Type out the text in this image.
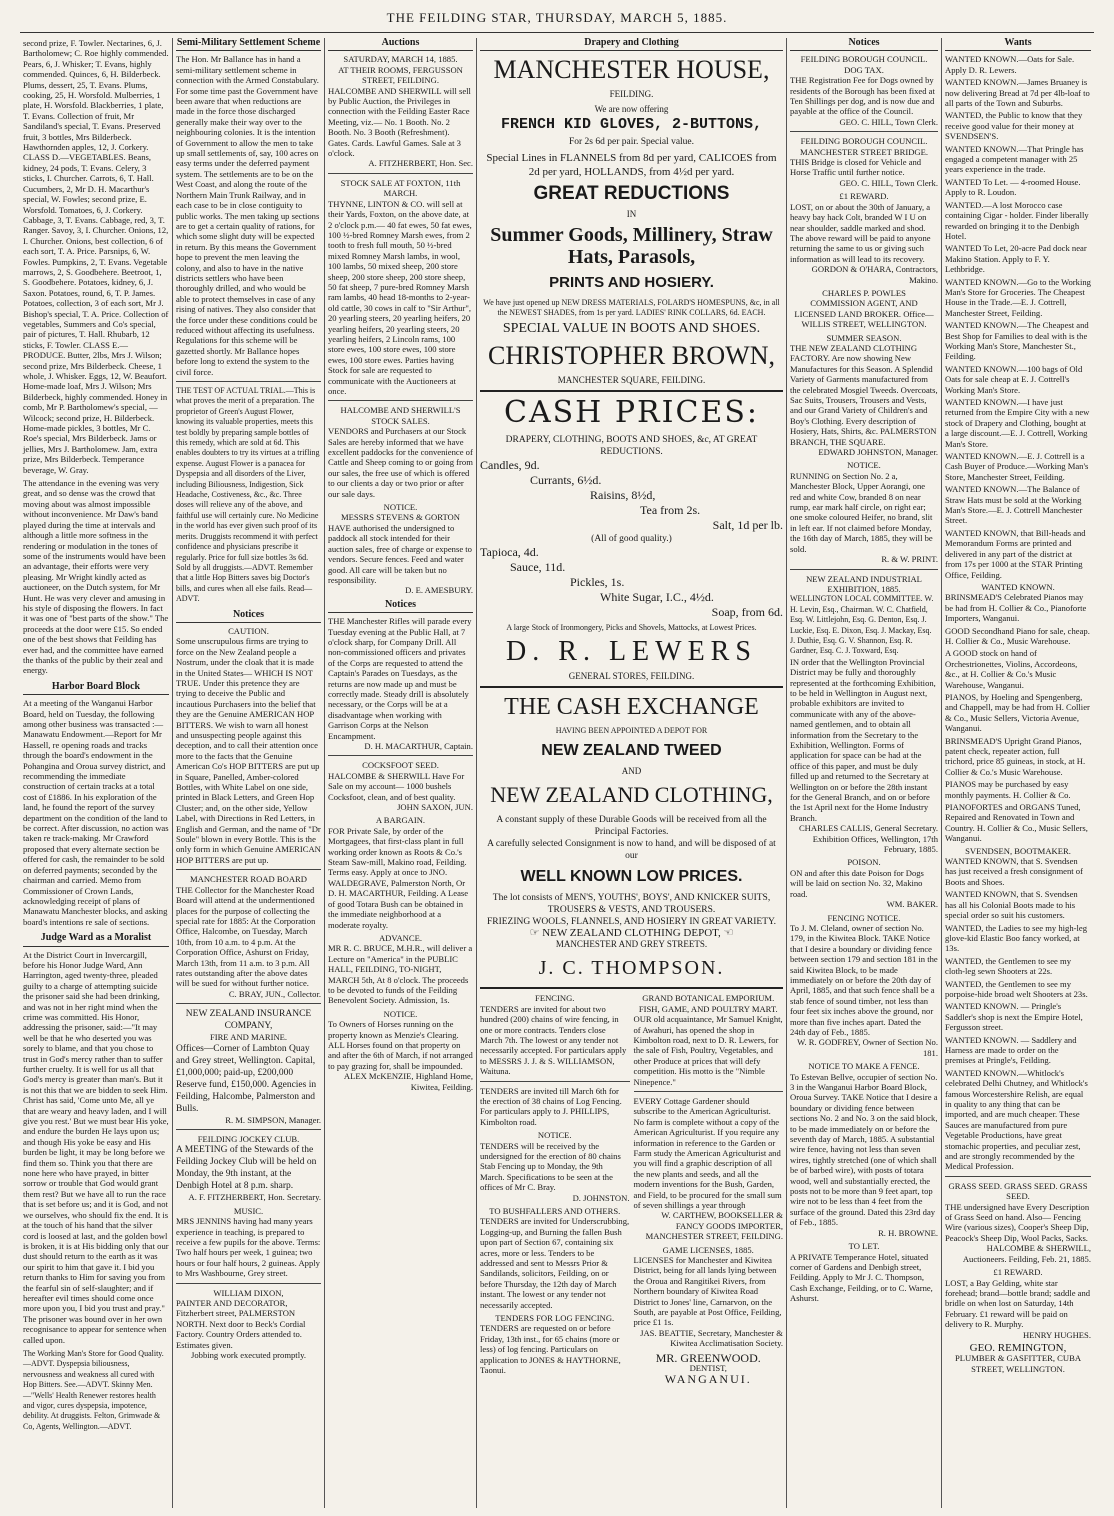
THE FEILDING STAR, THURSDAY, MARCH 5, 1885.

second prize, F. Towler. Nectarines, 6, J. Bartholomew; C. Roe highly commended. Pears, 6, J. Whisker; T. Evans, highly commended. Quinces, 6, H. Bilderbeck. Plums, dessert, 25, T. Evans. Plums, cooking, 25, H. Worsfold. Mulberries, 1 plate, H. Worsfold. Blackberries, 1 plate, T. Evans. Collection of fruit, Mr Sandiland's special, T. Evans. Preserved fruit, 3 bottles, Mrs Bilderbeck. Hawthornden apples, 12, J. Corkery. CLASS D.—VEGETABLES. Beans, kidney, 24 pods, T. Evans. Celery, 3 sticks, I. Churcher. Carrots, 6, T. Hall. Cucumbers, 2, Mr D. H. Macarthur's special, W. Fowles; second prize, E. Worsfold. Tomatoes, 6, J. Corkery. Cabbage, 3, T. Evans. Cabbage, red, 3, T. Ranger. Savoy, 3, I. Churcher. Onions, 12, I. Churcher. Onions, best collection, 6 of each sort, T. A. Price. Parsnips, 6, W. Fowles. Pumpkins, 2, T. Evans. Vegetable marrows, 2, S. Goodbehere. Beetroot, 1, S. Goodbehere. Potatoes, kidney, 6, J. Saxon. Potatoes, round, 6, T. P. James. Potatoes, collection, 3 of each sort, Mr J. Bishop's special, T. A. Price. Collection of vegetables, Summers and Co's special, pair of pictures, T. Hall. Rhubarb, 12 sticks, F. Towler. CLASS E.—PRODUCE. Butter, 2lbs, Mrs J. Wilson; second prize, Mrs Bilderbeck. Cheese, 1 whole, J. Whisker. Eggs, 12, W. Beaufort. Home-made loaf, Mrs J. Wilson; Mrs Bilderbeck, highly commended. Honey in comb, Mr P. Bartholomew's special, — Wilcock; second prize, H. Bilderbeck. Home-made pickles, 3 bottles, Mr C. Roe's special, Mrs Bilderbeck. Jams or jellies, Mrs J. Bartholomew. Jam, extra prize, Mrs Bilderbeck. Temperance beverage, W. Gray.

The attendance in the evening was very great, and so dense was the crowd that moving about was almost impossible without inconvenience. Mr Daw's band played during the time at intervals and although a little more softness in the rendering or modulation in the tones of some of the instruments would have been an advantage, their efforts were very pleasing. Mr Wright kindly acted as auctioneer, on the Dutch system, for Mr Hunt. He was very clever and amusing in his style of disposing the flowers. In fact it was one of "best parts of the show." The proceeds at the door were £15. So ended one of the best shows that Feilding has ever had, and the committee have earned the thanks of the public by their zeal and energy.

Harbor Board Block

At a meeting of the Wanganui Harbor Board, held on Tuesday, the following among other business was transacted :—Manawatu Endowment.—Report for Mr Hassell, re opening roads and tracks through the board's endowment in the Pohangina and Oroua survey district, and recommending the immediate construction of certain tracks at a total cost of £1886. In his exploration of the land, he found the report of the survey department on the condition of the land to be correct. After discussion, no action was taken re track-making. Mr Crawford proposed that every alternate section be offered for cash, the remainder to be sold on deferred payments; seconded by the chairman and carried. Memo from Commissioner of Crown Lands, acknowledging receipt of plans of Manawatu Manchester blocks, and asking board's intentions re sale of sections.

Judge Ward as a Moralist

At the District Court in Invercargill, before his Honor Judge Ward, Ann Harrington, aged twenty-three, pleaded guilty to a charge of attempting suicide the prisoner said she had been drinking, and was not in her right mind when the crime was committed. His Honor, addressing the prisoner, said:—"It may well be that he who deserted you was sorely to blame, and that you chose to trust in God's mercy rather than to suffer further cruelty. It is well for us all that God's mercy is greater than man's. But it is not this that we are bidden to seek Him. Christ has said, 'Come unto Me, all ye that are weary and heavy laden, and I will give you rest.' But we must bear His yoke, and endure the burden He lays upon us; and though His yoke be easy and His burden be light, it may be long before we find them so. Think you that there are none here who have prayed, in bitter sorrow or trouble that God would grant them rest? But we have all to run the race that is set before us; and it is God, and not we ourselves, who should fix the end. It is at the touch of his hand that the silver cord is loosed at last, and the golden bowl is broken, it is at His bidding only that our dust should return to the earth as it was our spirit to him that gave it. I bid you return thanks to Him for saving you from the fearful sin of self-slaughter; and if hereafter evil times should come once more upon you, I bid you trust and pray." The prisoner was bound over in her own recognisance to appear for sentence when called upon.

The Working Man's Store for Good Quality.—ADVT. Dyspepsia biliousness, nervousness and weakness all cured with Hop Bitters. See.—ADVT. Skinny Men.—"Wells' Health Renewer restores health and vigor, cures dyspepsia, impotence, debility. At druggists. Felton, Grimwade & Co, Agents, Wellington.—ADVT.

Semi-Military Settlement Scheme

The Hon. Mr Ballance has in hand a semi-military settlement scheme in connection with the Armed Constabulary. For some time past the Government have been aware that when reductions are made in the force those discharged generally make their way over to the neighbouring colonies. It is the intention of Government to allow the men to take up small settlements of, say, 100 acres on easy terms under the deferred payment system. The settlements are to be on the West Coast, and along the route of the Northern Main Trunk Railway, and in each case to be in close contiguity to public works. The men taking up sections are to get a certain quality of rations, for which some slight duty will be expected in return. By this means the Government hope to prevent the men leaving the colony, and also to have in the native districts settlers who have been thoroughly drilled, and who would be able to protect themselves in case of any rising of natives. They also consider that the force under these conditions could be reduced without affecting its usefulness. Regulations for this scheme will be gazetted shortly. Mr Ballance hopes before long to extend the system to the civil force.

THE TEST OF ACTUAL TRIAL.—This is what proves the merit of a preparation. The proprietor of Green's August Flower, knowing its valuable properties, meets this test boldly by preparing sample bottles of this remedy, which are sold at 6d. This enables doubters to try its virtues at a trifling expense. August Flower is a panacea for Dyspepsia and all disorders of the Liver, including Biliousness, Indigestion, Sick Headache, Costiveness, &c., &c. Three doses will relieve any of the above, and faithful use will certainly cure. No Medicine in the world has ever given such proof of its merits. Druggists recommend it with perfect confidence and physicians prescribe it regularly. Price for full size bottles 3s 6d. Sold by all druggists.—ADVT. Remember that a little Hop Bitters saves big Doctor's bills, and cures when all else fails. Read—ADVT.

Notices
CAUTION.

Some unscrupulous firms are trying to force on the New Zealand people a Nostrum, under the cloak that it is made in the United States— WHICH IS NOT TRUE. Under this pretence they are trying to deceive the Public and incautious Purchasers into the belief that they are the Genuine AMERICAN HOP BITTERS. We wish to warn all honest and unsuspecting people against this deception, and to call their attention once more to the facts that the Genuine American Co's HOP BITTERS are put up in Square, Panelled, Amber-colored Bottles, with White Label on one side, printed in Black Letters, and Green Hop Cluster; and, on the other side, Yellow Label, with Directions in Red Letters, in English and German, and the name of "Dr Soule" blown in every Bottle. This is the only form in which Genuine AMERICAN HOP BITTERS are put up.

MANCHESTER ROAD BOARD

THE Collector for the Manchester Road Board will attend at the undermentioned places for the purpose of collecting the special rate for 1885: At the Corporation Office, Halcombe, on Tuesday, March 10th, from 10 a.m. to 4 p.m. At the Corporation Office, Ashurst on Friday, March 13th, from 11 a.m. to 3 p.m. All rates outstanding after the above dates will be sued for without further notice.

C. BRAY, JUN., Collector.
NEW ZEALAND INSURANCE COMPANY,
FIRE AND MARINE.

Offices—Corner of Lambton Quay and Grey street, Wellington. Capital, £1,000,000; paid-up, £200,000 Reserve fund, £150,000. Agencies in Feilding, Halcombe, Palmerston and Bulls.

R. M. SIMPSON, Manager.
FEILDING JOCKEY CLUB.

A MEETING of the Stewards of the Feilding Jockey Club will be held on Monday, the 9th instant, at the Denbigh Hotel at 8 p.m. sharp.

A. F. FITZHERBERT, Hon. Secretary.
MUSIC.

MRS JENNINS having had many years experience in teaching, is prepared to receive a few pupils for the above. Terms: Two half hours per week, 1 guinea; two hours or four half hours, 2 guineas. Apply to Mrs Washbourne, Grey street.

WILLIAM DIXON,

PAINTER AND DECORATOR, Fitzherbert street, PALMERSTON NORTH. Next door to Beck's Cordial Factory. Country Orders attended to. Estimates given.

Jobbing work executed promptly.
Auctions
SATURDAY, MARCH 14, 1885.
AT THEIR ROOMS, FERGUSSON STREET, FEILDING.

HALCOMBE AND SHERWILL will sell by Public Auction, the Privileges in connection with the Feilding Easter Race Meeting, viz.— No. 1 Booth. No. 2 Booth. No. 3 Booth (Refreshment). Gates. Cards. Lawful Games. Sale at 3 o'clock.

A. FITZHERBERT, Hon. Sec.
STOCK SALE AT FOXTON, 11th MARCH.

THYNNE, LINTON & CO. will sell at their Yards, Foxton, on the above date, at 2 o'clock p.m.— 40 fat ewes, 50 fat ewes, 100 ½-bred Romney Marsh ewes, from 2 tooth to fresh full mouth, 50 ½-bred mixed Romney Marsh lambs, in wool, 100 lambs, 50 mixed sheep, 200 store sheep, 200 store sheep, 200 store sheep, 50 fat sheep, 7 pure-bred Romney Marsh ram lambs, 40 head 18-months to 2-year-old cattle, 30 cows in calf to "Sir Arthur", 20 yearling steers, 20 yearling heifers, 20 yearling heifers, 20 yearling steers, 20 yearling heifers, 2 Lincoln rams, 100 store ewes, 100 store ewes, 100 store ewes, 100 store ewes. Parties having Stock for sale are requested to communicate with the Auctioneers at once.

HALCOMBE AND SHERWILL'S STOCK SALES.

VENDORS and Purchasers at our Stock Sales are hereby informed that we have excellent paddocks for the convenience of Cattle and Sheep coming to or going from our sales, the free use of which is offered to our clients a day or two prior or after our sale days.

NOTICE.
MESSRS STEVENS & GORTON

HAVE authorised the undersigned to paddock all stock intended for their auction sales, free of charge or expense to vendors. Secure fences. Feed and water good. All care will be taken but no responsibility.

D. E. AMESBURY.
Notices

THE Manchester Rifles will parade every Tuesday evening at the Public Hall, at 7 o'clock sharp, for Company Drill. All non-commissioned officers and privates of the Corps are requested to attend the Captain's Parades on Tuesdays, as the returns are now made up and must be correctly made. Steady drill is absolutely necessary, or the Corps will be at a disadvantage when working with Garrison Corps at the Nelson Encampment.

D. H. MACARTHUR, Captain.
COCKSFOOT SEED.

HALCOMBE & SHERWILL Have For Sale on my account— 1000 bushels Cocksfoot, clean, and of best quality.

JOHN SAXON, JUN.
A BARGAIN.

FOR Private Sale, by order of the Mortgagees, that first-class plant in full working order known as Roots & Co.'s Steam Saw-mill, Makino road, Feilding. Terms easy. Apply at once to JNO. WALDEGRAVE, Palmerston North, Or D. H. MACARTHUR, Feilding. A Lease of good Totara Bush can be obtained in the immediate neighborhood at a moderate royalty.

ADVANCE.

MR R. C. BRUCE, M.H.R., will deliver a Lecture on "America" in the PUBLIC HALL, FEILDING, TO-NIGHT, MARCH 5th, At 8 o'clock. The proceeds to be devoted to funds of the Feilding Benevolent Society. Admission, 1s.

NOTICE.

To Owners of Horses running on the property known as Menzie's Clearing. ALL Horses found on that property on and after the 6th of March, if not arranged to pay grazing for, shall be impounded.

ALEX McKENZIE, Highland Home, Kiwitea, Feilding.
Drapery and Clothing
MANCHESTER HOUSE,
FEILDING.
We are now offering
FRENCH KID GLOVES, 2-BUTTONS,
For 2s 6d per pair. Special value.
Special Lines in FLANNELS from 8d per yard, CALICOES from 2d per yard, HOLLANDS, from 4½d per yard.
GREAT REDUCTIONS
IN
Summer Goods, Millinery, Straw Hats, Parasols,
PRINTS AND HOSIERY.
We have just opened up NEW DRESS MATERIALS, FOLARD'S HOMESPUNS, &c, in all the NEWEST SHADES, from 1s per yard. LADIES' RINK COLLARS, 6d. EACH.
SPECIAL VALUE IN BOOTS AND SHOES.
CHRISTOPHER BROWN,
MANCHESTER SQUARE, FEILDING.
CASH PRICES:
DRAPERY, CLOTHING, BOOTS AND SHOES, &c, AT GREAT REDUCTIONS.
Candles, 9d.
Currants, 6½d.
Raisins, 8½d,
Tea from 2s.
Salt, 1d per lb.
(All of good quality.)
Tapioca, 4d.
Sauce, 11d.
Pickles, 1s.
White Sugar, I.C., 4½d.
Soap, from 6d.
A large Stock of Ironmongery, Picks and Shovels, Mattocks, at Lowest Prices.
D. R. LEWERS
GENERAL STORES, FEILDING.
THE CASH EXCHANGE
HAVING BEEN APPOINTED A DEPOT FOR
NEW ZEALAND TWEED
AND
NEW ZEALAND CLOTHING,
A constant supply of these Durable Goods will be received from all the Principal Factories.
A carefully selected Consignment is now to hand, and will be disposed of at our
WELL KNOWN LOW PRICES.
The lot consists of MEN'S, YOUTHS', BOYS', AND KNICKER SUITS, TROUSERS & VESTS, AND TROUSERS.
FRIEZING WOOLS, FLANNELS, AND HOSIERY IN GREAT VARIETY.
☞ NEW ZEALAND CLOTHING DEPOT, ☜
MANCHESTER AND GREY STREETS.
J. C. THOMPSON.
FENCING.

TENDERS are invited for about two hundred (200) chains of wire fencing, in one or more contracts. Tenders close March 7th. The lowest or any tender not necessarily accepted. For particulars apply to MESSRS J. J. & S. WILLIAMSON, Waituna.

TENDERS are invited till March 6th for the erection of 38 chains of Log Fencing. For particulars apply to J. PHILLIPS, Kimbolton road.

NOTICE.

TENDERS will be received by the undersigned for the erection of 80 chains Stab Fencing up to Monday, the 9th March. Specifications to be seen at the offices of Mr C. Bray.

D. JOHNSTON.
TO BUSHFALLERS AND OTHERS.

TENDERS are invited for Underscrubbing, Logging-up, and Burning the fallen Bush upon part of Section 67, containing six acres, more or less. Tenders to be addressed and sent to Messrs Prior & Sandilands, solicitors, Feilding, on or before Thursday, the 12th day of March instant. The lowest or any tender not necessarily accepted.

TENDERS FOR LOG FENCING.

TENDERS are requested on or before Friday, 13th inst., for 65 chains (more or less) of log fencing. Particulars on application to JONES & HAYTHORNE, Taonui.

GRAND BOTANICAL EMPORIUM.
FISH, GAME, AND POULTRY MART.

OUR old acquaintance, Mr Samuel Knight, of Awahuri, has opened the shop in Kimbolton road, next to D. R. Lewers, for the sale of Fish, Poultry, Vegetables, and other Produce at prices that will defy competition. His motto is the "Nimble Ninepence."

EVERY Cottage Gardener should subscribe to the American Agriculturist. No farm is complete without a copy of the American Agriculturist. If you require any information in reference to the Garden or Farm study the American Agriculturist and you will find a graphic description of all the new plants and seeds, and all the modern inventions for the Bush, Garden, and Field, to be procured for the small sum of seven shillings a year through

W. CARTHEW, BOOKSELLER & FANCY GOODS IMPORTER, MANCHESTER STREET, FEILDING.
GAME LICENSES, 1885.

LICENSES for Manchester and Kiwitea District, being for all lands lying between the Oroua and Rangitikei Rivers, from Northern boundary of Kiwitea Road District to Jones' line, Carnarvon, on the South, are payable at Post Office, Feilding, price £1 1s.

JAS. BEATTIE, Secretary, Manchester & Kiwitea Acclimatisation Society.
MR. GREENWOOD.
DENTIST,
WANGANUI.
Notices
FEILDING BOROUGH COUNCIL.
DOG TAX.

THE Registration Fee for Dogs owned by residents of the Borough has been fixed at Ten Shillings per dog, and is now due and payable at the office of the Council.

GEO. C. HILL, Town Clerk.
FEILDING BOROUGH COUNCIL.
MANCHESTER STREET BRIDGE.

THIS Bridge is closed for Vehicle and Horse Traffic until further notice.

GEO. C. HILL, Town Clerk.
£1 REWARD.

LOST, on or about the 30th of January, a heavy bay hack Colt, branded W I U on near shoulder, saddle marked and shod. The above reward will be paid to anyone returning the same to us or giving such information as will lead to its recovery.

GORDON & O'HARA, Contractors, Makino.
CHARLES P. POWLES
COMMISSION AGENT, AND LICENSED LAND BROKER. Office—WILLIS STREET, WELLINGTON.
SUMMER SEASON.

THE NEW ZEALAND CLOTHING FACTORY. Are now showing New Manufactures for this Season. A Splendid Variety of Garments manufactured from the celebrated Mosgiel Tweeds. Overcoats, Sac Suits, Trousers, Trousers and Vests, and our Grand Variety of Children's and Boy's Clothing. Every description of Hosiery, Hats, Shirts, &c. PALMERSTON BRANCH, THE SQUARE.

EDWARD JOHNSTON, Manager.
NOTICE.

RUNNING on Section No. 2 a, Manchester Block, Upper Aorangi, one red and white Cow, branded 8 on near rump, ear mark half circle, on right ear; one smoke coloured Heifer, no brand, slit in left ear. If not claimed before Monday, the 16th day of March, 1885, they will be sold.

R. & W. PRINT.
NEW ZEALAND INDUSTRIAL EXHIBITION, 1885.

WELLINGTON LOCAL COMMITTEE. W. H. Levin, Esq., Chairman. W. C. Chatfield, Esq. W. Littlejohn, Esq. G. Denton, Esq. J. Luckie, Esq. E. Dixon, Esq. J. Mackay, Esq. J. Duthie, Esq. G. V. Shannon, Esq. R. Gardner, Esq. C. J. Toxward, Esq.

IN order that the Wellington Provincial District may be fully and thoroughly represented at the forthcoming Exhibition, to be held in Wellington in August next, probable exhibitors are invited to communicate with any of the above-named gentlemen, and to obtain all information from the Secretary to the Exhibition, Wellington. Forms of application for space can be had at the office of this paper, and must be duly filled up and returned to the Secretary at Wellington on or before the 28th instant for the General Branch, and on or before the 1st April next for the Home Industry Branch.

CHARLES CALLIS, General Secretary. Exhibition Offices, Wellington, 17th February, 1885.
POISON.

ON and after this date Poison for Dogs will be laid on section No. 32, Makino road.

WM. BAKER.
FENCING NOTICE.

To J. M. Cleland, owner of section No. 179, in the Kiwitea Block. TAKE Notice that I desire a boundary or dividing fence between section 179 and section 181 in the said Kiwitea Block, to be made immediately on or before the 20th day of April, 1885, and that such fence shall be a stab fence of sound timber, not less than four feet six inches above the ground, nor more than five inches apart. Dated the 24th day of Feb., 1885.

W. R. GODFREY, Owner of Section No. 181.
NOTICE TO MAKE A FENCE.

To Estevan Bellve, occupier of section No. 3 in the Wanganui Harbor Board Block, Oroua Survey. TAKE Notice that I desire a boundary or dividing fence between sections No. 2 and No. 3 on the said block, to be made immediately on or before the seventh day of March, 1885. A substantial wire fence, having not less than seven wires, tightly stretched (one of which shall be of barbed wire), with posts of totara wood, well and substantially erected, the posts not to be more than 9 feet apart, top wire not to be less than 4 feet from the surface of the ground. Dated this 23rd day of Feb., 1885.

R. H. BROWNE.
TO LET.

A PRIVATE Temperance Hotel, situated corner of Gardens and Denbigh street, Feilding. Apply to Mr J. C. Thompson, Cash Exchange, Feilding, or to C. Warne, Ashurst.

Wants

WANTED KNOWN.—Oats for Sale. Apply D. R. Lewers.

WANTED KNOWN.—James Bruaney is now delivering Bread at 7d per 4lb-loaf to all parts of the Town and Suburbs.

WANTED, the Public to know that they receive good value for their money at SVENDSEN'S.

WANTED KNOWN.—That Pringle has engaged a competent manager with 25 years experience in the trade.

WANTED To Let. — 4-roomed House. Apply to R. Loudon.

WANTED.—A lost Morocco case containing Cigar - holder. Finder liberally rewarded on bringing it to the Denbigh Hotel.

WANTED To Let, 20-acre Pad dock near Makino Station. Apply to F. Y. Lethbridge.

WANTED KNOWN.—Go to the Working Man's Store for Groceries. The Cheapest House in the Trade.—E. J. Cottrell, Manchester Street, Feilding.

WANTED KNOWN.—The Cheapest and Best Shop for Families to deal with is the Working Man's Store, Manchester St., Feilding.

WANTED KNOWN.—100 bags of Old Oats for sale cheap at E. J. Cottrell's Working Man's Store.

WANTED KNOWN.—I have just returned from the Empire City with a new stock of Drapery and Clothing, bought at a large discount.—E. J. Cottrell, Working Man's Store.

WANTED KNOWN.—E. J. Cottrell is a Cash Buyer of Produce.—Working Man's Store, Manchester Street, Feilding.

WANTED KNOWN.—The Balance of Straw Hats must be sold at the Working Man's Store.—E. J. Cottrell Manchester Street.

WANTED KNOWN, that Bill-heads and Memorandum Forms are printed and delivered in any part of the district at from 17s per 1000 at the STAR Printing Office, Feilding.

WANTED KNOWN.

BRINSMEAD'S Celebrated Pianos may be had from H. Collier & Co., Pianoforte Importers, Wanganui.

GOOD Secondhand Piano for sale, cheap. H. Collier & Co., Music Warehouse.

A GOOD stock on hand of Orchestrionettes, Violins, Accordeons, &c., at H. Collier & Co.'s Music Warehouse, Wanganui.

PIANOS, by Hoeling and Spengenberg, and Chappell, may be had from H. Collier & Co., Music Sellers, Victoria Avenue, Wanganui.

BRINSMEAD'S Upright Grand Pianos, patent check, repeater action, full trichord, price 85 guineas, in stock, at H. Collier & Co.'s Music Warehouse.

PIANOS may be purchased by easy monthly payments. H. Collier & Co.

PIANOFORTES and ORGANS Tuned, Repaired and Renovated in Town and Country. H. Collier & Co., Music Sellers, Wanganui.

SVENDSEN, BOOTMAKER.

WANTED KNOWN, that S. Svendsen has just received a fresh consignment of Boots and Shoes.

WANTED KNOWN, that S. Svendsen has all his Colonial Boots made to his special order so suit his customers.

WANTED, the Ladies to see my high-leg glove-kid Elastic Boo fancy worked, at 13s.

WANTED, the Gentlemen to see my cloth-leg sewn Shooters at 22s.

WANTED, the Gentlemen to see my porpoise-hide broad welt Shooters at 23s.

WANTED KNOWN. — Pringle's Saddler's shop is next the Empire Hotel, Fergusson street.

WANTED KNOWN. — Saddlery and Harness are made to order on the premises at Pringle's, Feilding.

WANTED KNOWN.—Whitlock's celebrated Delhi Chutney, and Whitlock's famous Worcestershire Relish, are equal in quality to any thing that can be imported, and are much cheaper. These Sauces are manufactured from pure Vegetable Productions, have great stomachic properties, and peculiar zest, and are strongly recommended by the Medical Profession.

GRASS SEED. GRASS SEED. GRASS SEED.

THE undersigned have Every Description of Grass Seed on hand. Also— Fencing Wire (various sizes), Cooper's Sheep Dip, Peacock's Sheep Dip, Wool Packs, Sacks.

HALCOMBE & SHERWILL, Auctioneers. Feilding, Feb. 21, 1885.
£1 REWARD.

LOST, a Bay Gelding, white star forehead; brand—bottle brand; saddle and bridle on when lost on Saturday, 14th February. £1 reward will be paid on delivery to R. Murphy.

HENRY HUGHES.
GEO. REMINGTON,
PLUMBER & GASFITTER, CUBA STREET, WELLINGTON.
